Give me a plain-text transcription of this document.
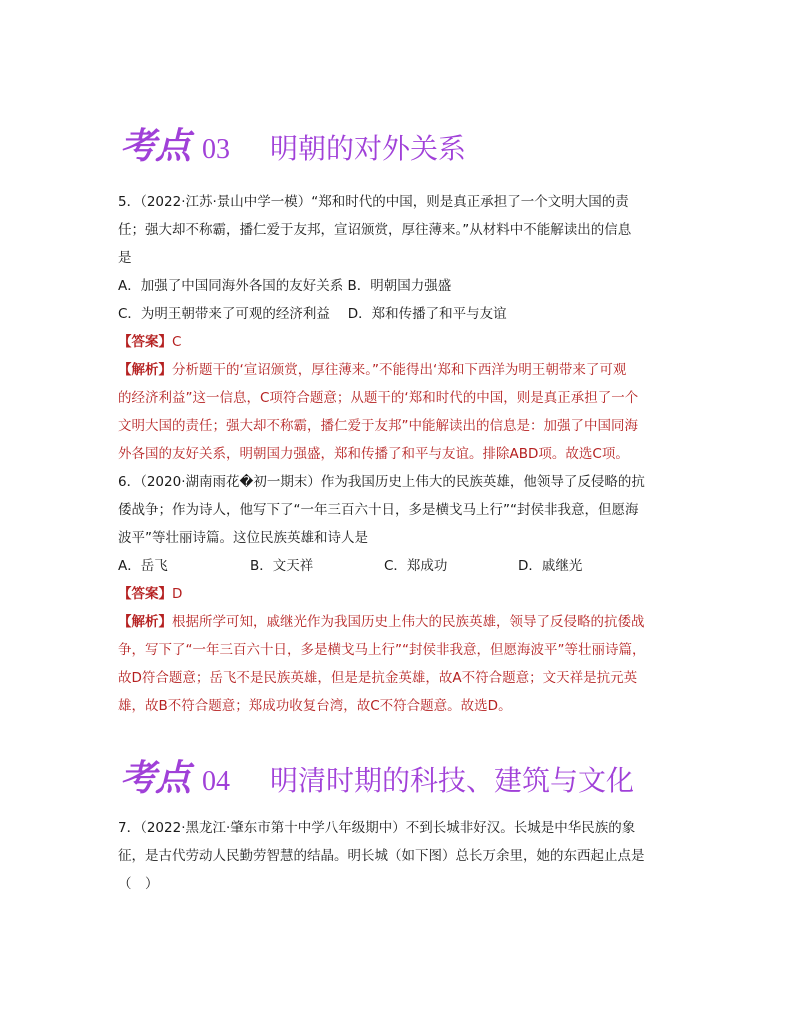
考点 03 明朝的对外关系
5．（2022·江苏·景山中学一模）“郑和时代的中国，则是真正承担了一个文明大国的责
任；强大却不称霸，播仁爱于友邦，宣诏颁赏，厚往薄来。”从材料中不能解读出的信息
是
A．加强了中国同海外各国的友好关系 B．明朝国力强盛
C．为明王朝带来了可观的经济利益　 D．郑和传播了和平与友谊
【答案】C
【解析】分析题干的‘宣诏颁赏，厚往薄来。”不能得出‘郑和下西洋为明王朝带来了可观
的经济利益”这一信息，C项符合题意；从题干的‘郑和时代的中国，则是真正承担了一个
文明大国的责任；强大却不称霸，播仁爱于友邦”中能解读出的信息是：加强了中国同海
外各国的友好关系，明朝国力强盛，郑和传播了和平与友谊。排除ABD项。故选C项。
6．（2020·湖南雨花�初一期末）作为我国历史上伟大的民族英雄，他领导了反侵略的抗
倭战争；作为诗人，他写下了“一年三百六十日，多是横戈马上行”“封侯非我意，但愿海
波平”等壮丽诗篇。这位民族英雄和诗人是
A．岳飞	B．文天祥	C．郑成功	D．戚继光
【答案】D
【解析】根据所学可知，戚继光作为我国历史上伟大的民族英雄，领导了反侵略的抗倭战
争，写下了“一年三百六十日，多是横戈马上行”“封侯非我意，但愿海波平”等壮丽诗篇，
故D符合题意；岳飞不是民族英雄，但是是抗金英雄，故A不符合题意；文天祥是抗元英
雄，故B不符合题意；郑成功收复台湾，故C不符合题意。故选D。
考点 04 明清时期的科技、建筑与文化
7．（2022·黑龙江·肇东市第十中学八年级期中）不到长城非好汉。长城是中华民族的象
征，是古代劳动人民勤劳智慧的结晶。明长城（如下图）总长万余里，她的东西起止点是
（　）
